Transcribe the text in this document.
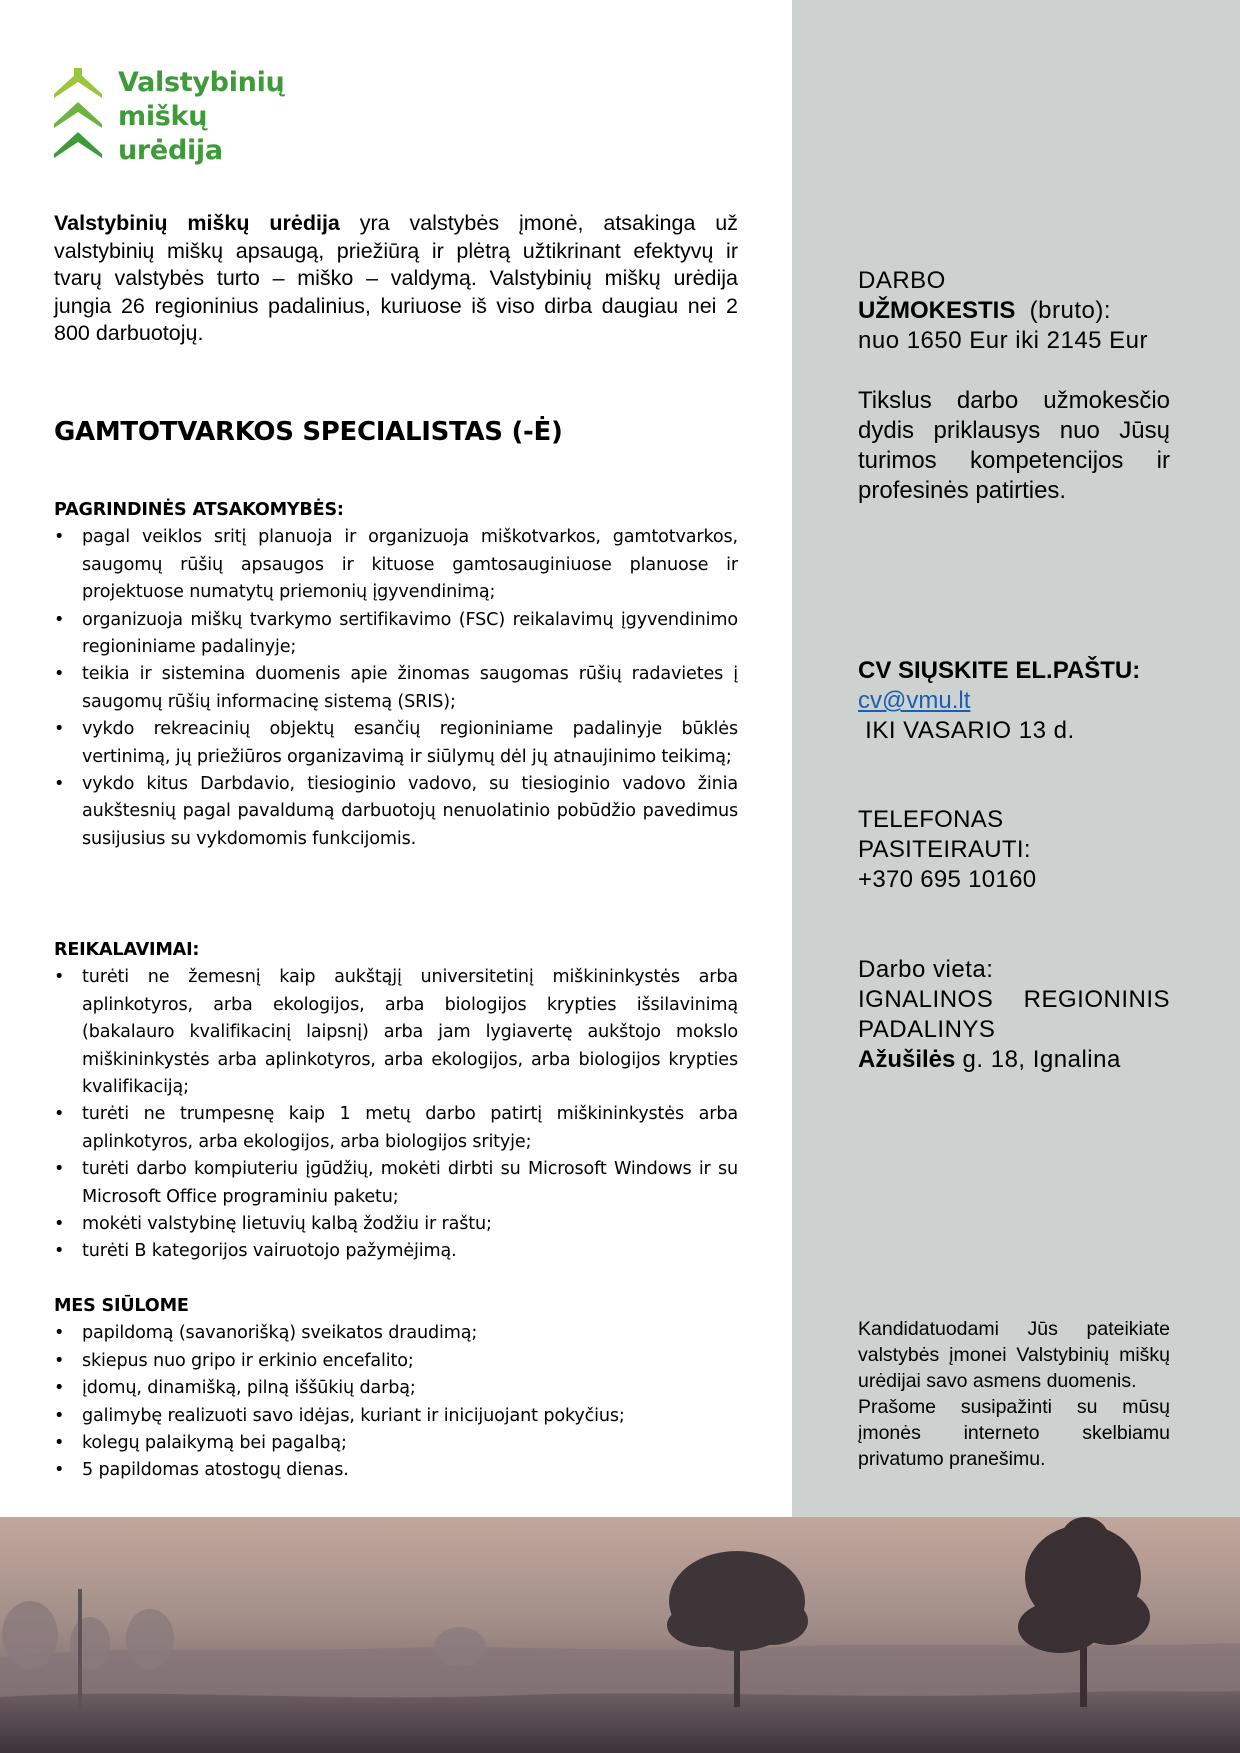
Valstybinių
miškų
urėdija
Valstybinių miškų urėdija yra valstybės įmonė, atsakinga už valstybinių miškų apsaugą, priežiūrą ir plėtrą užtikrinant efektyvų ir tvarų valstybės turto – miško – valdymą. Valstybinių miškų urėdija jungia 26 regioninius padalinius, kuriuose iš viso dirba daugiau nei 2 800 darbuotojų.
GAMTOTVARKOS SPECIALISTAS (-Ė)
PAGRINDINĖS ATSAKOMYBĖS:
• pagal veiklos sritį planuoja ir organizuoja miškotvarkos, gamtotvarkos, saugomų rūšių apsaugos ir kituose gamtosauginiuose planuose ir projektuose numatytų priemonių įgyvendinimą;
• organizuoja miškų tvarkymo sertifikavimo (FSC) reikalavimų įgyvendinimo regioniniame padalinyje;
• teikia ir sistemina duomenis apie žinomas saugomas rūšių radavietes į saugomų rūšių informacinę sistemą (SRIS);
• vykdo rekreacinių objektų esančių regioniniame padalinyje būklės vertinimą, jų priežiūros organizavimą ir siūlymų dėl jų atnaujinimo teikimą;
• vykdo kitus Darbdavio, tiesioginio vadovo, su tiesioginio vadovo žinia aukštesnių pagal pavaldumą darbuotojų nenuolatinio pobūdžio pavedimus susijusius su vykdomomis funkcijomis.
REIKALAVIMAI:
• turėti ne žemesnį kaip aukštąjį universitetinį miškininkystės arba aplinkotyros, arba ekologijos, arba biologijos krypties išsilavinimą (bakalauro kvalifikacinį laipsnį) arba jam lygiavertę aukštojo mokslo miškininkystės arba aplinkotyros, arba ekologijos, arba biologijos krypties kvalifikaciją;
• turėti ne trumpesnę kaip 1 metų darbo patirtį miškininkystės arba aplinkotyros, arba ekologijos, arba biologijos srityje;
• turėti darbo kompiuteriu įgūdžių, mokėti dirbti su Microsoft Windows ir su Microsoft Office programiniu paketu;
• mokėti valstybinę lietuvių kalbą žodžiu ir raštu;
• turėti B kategorijos vairuotojo pažymėjimą.
MES SIŪLOME
• papildomą (savanorišką) sveikatos draudimą;
• skiepus nuo gripo ir erkinio encefalito;
• įdomų, dinamišką, pilną iššūkių darbą;
• galimybę realizuoti savo idėjas, kuriant ir inicijuojant pokyčius;
• kolegų palaikymą bei pagalbą;
• 5 papildomas atostogų dienas.
DARBO
UŽMOKESTIS  (bruto):
nuo 1650 Eur iki 2145 Eur
Tikslus darbo užmokesčio dydis priklausys nuo Jūsų turimos kompetencijos ir profesinės patirties.
CV SIŲSKITE EL.PAŠTU:
cv@vmu.lt
IKI VASARIO 13 d.
TELEFONAS
PASITEIRAUTI:
+370 695 10160
Darbo vieta:
IGNALINOS REGIONINIS PADALINYS
Ažušilės g. 18, Ignalina
Kandidatuodami Jūs pateikiate valstybės įmonei Valstybinių miškų urėdijai savo asmens duomenis.
Prašome susipažinti su mūsų įmonės interneto skelbiamu privatumo pranešimu.
